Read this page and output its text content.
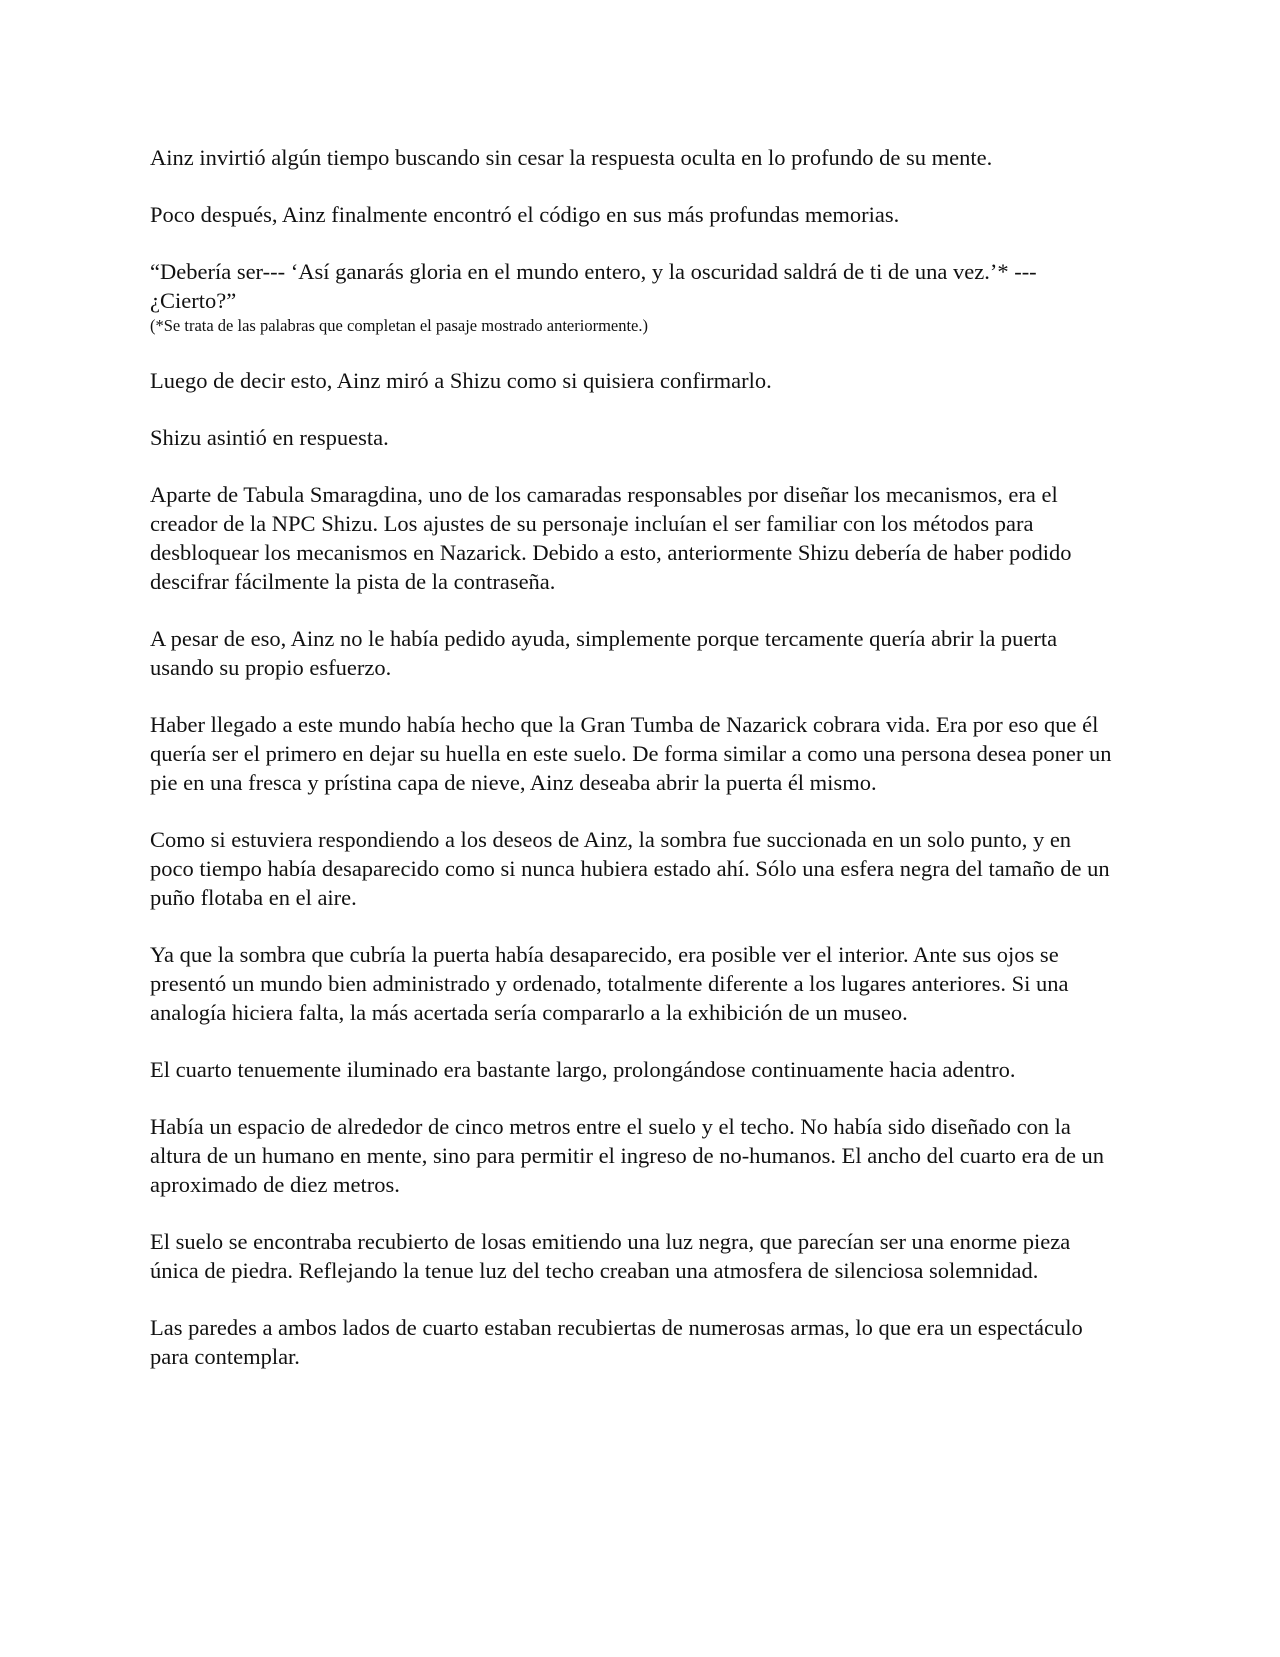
Ainz invirtió algún tiempo buscando sin cesar la respuesta oculta en lo profundo de su mente.

Poco después, Ainz finalmente encontró el código en sus más profundas memorias.

“Debería ser--- ‘Así ganarás gloria en el mundo entero, y la oscuridad saldrá de ti de una vez.’* --- ¿Cierto?”

(*Se trata de las palabras que completan el pasaje mostrado anteriormente.)

Luego de decir esto, Ainz miró a Shizu como si quisiera confirmarlo.

Shizu asintió en respuesta.

Aparte de Tabula Smaragdina, uno de los camaradas responsables por diseñar los mecanismos, era el creador de la NPC Shizu. Los ajustes de su personaje incluían el ser familiar con los métodos para desbloquear los mecanismos en Nazarick. Debido a esto, anteriormente Shizu debería de haber podido descifrar fácilmente la pista de la contraseña.

A pesar de eso, Ainz no le había pedido ayuda, simplemente porque tercamente quería abrir la puerta usando su propio esfuerzo.

Haber llegado a este mundo había hecho que la Gran Tumba de Nazarick cobrara vida. Era por eso que él quería ser el primero en dejar su huella en este suelo. De forma similar a como una persona desea poner un pie en una fresca y prístina capa de nieve, Ainz deseaba abrir la puerta él mismo.

Como si estuviera respondiendo a los deseos de Ainz, la sombra fue succionada en un solo punto, y en poco tiempo había desaparecido como si nunca hubiera estado ahí. Sólo una esfera negra del tamaño de un puño flotaba en el aire.

Ya que la sombra que cubría la puerta había desaparecido, era posible ver el interior. Ante sus ojos se presentó un mundo bien administrado y ordenado, totalmente diferente a los lugares anteriores. Si una analogía hiciera falta, la más acertada sería compararlo a la exhibición de un museo.

El cuarto tenuemente iluminado era bastante largo, prolongándose continuamente hacia adentro.

Había un espacio de alrededor de cinco metros entre el suelo y el techo. No había sido diseñado con la altura de un humano en mente, sino para permitir el ingreso de no-humanos. El ancho del cuarto era de un aproximado de diez metros.

El suelo se encontraba recubierto de losas emitiendo una luz negra, que parecían ser una enorme pieza única de piedra. Reflejando la tenue luz del techo creaban una atmosfera de silenciosa solemnidad.

Las paredes a ambos lados de cuarto estaban recubiertas de numerosas armas, lo que era un espectáculo para contemplar.
